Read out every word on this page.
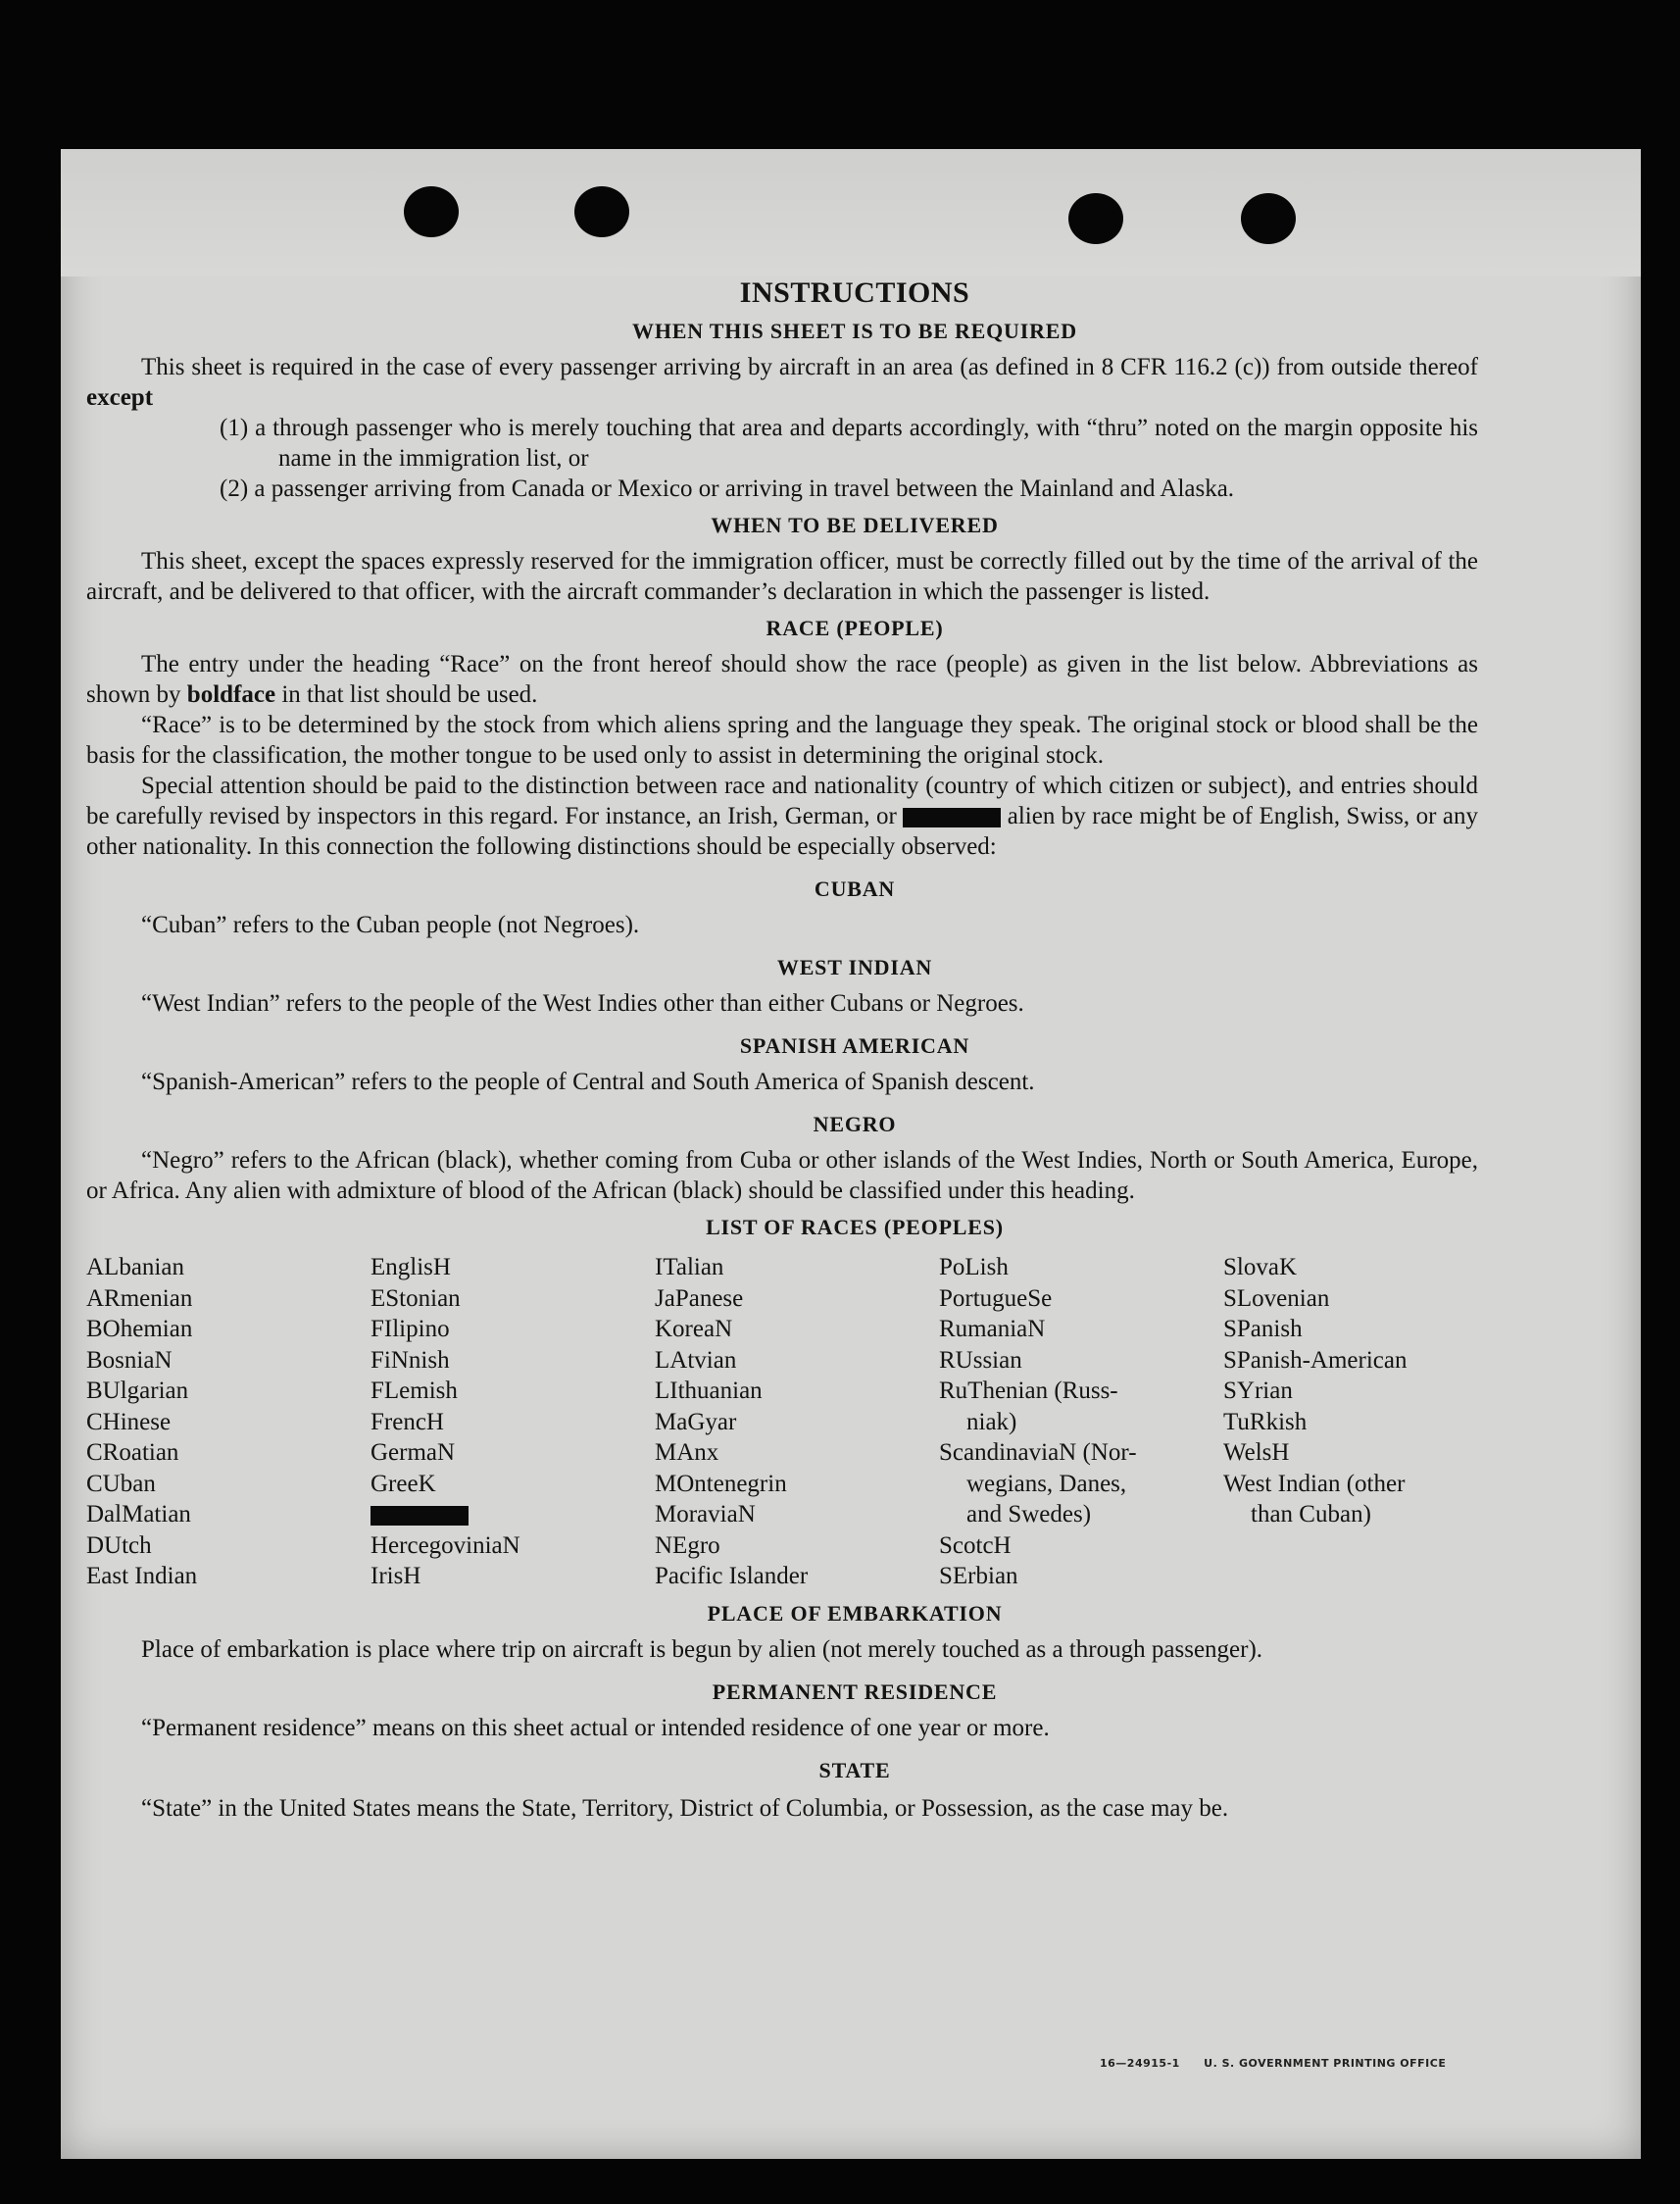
INSTRUCTIONS

WHEN THIS SHEET IS TO BE REQUIRED

This sheet is required in the case of every passenger arriving by aircraft in an area (as defined in 8 CFR 116.2 (c)) from outside thereof except

(1) a through passenger who is merely touching that area and departs accordingly, with “thru” noted on the margin opposite his name in the immigration list, or

(2) a passenger arriving from Canada or Mexico or arriving in travel between the Mainland and Alaska.

WHEN TO BE DELIVERED

This sheet, except the spaces expressly reserved for the immigration officer, must be correctly filled out by the time of the arrival of the aircraft, and be delivered to that officer, with the aircraft commander’s declaration in which the passenger is listed.

RACE (PEOPLE)

The entry under the heading “Race” on the front hereof should show the race (people) as given in the list below. Abbreviations as shown by boldface in that list should be used.

“Race” is to be determined by the stock from which aliens spring and the language they speak. The original stock or blood shall be the basis for the classification, the mother tongue to be used only to assist in determining the original stock.

Special attention should be paid to the distinction between race and nationality (country of which citizen or subject), and entries should be carefully revised by inspectors in this regard. For instance, an Irish, German, or	alien by race might be of English, Swiss, or any other nationality. In this connection the following distinctions should be especially observed:

CUBAN

“Cuban” refers to the Cuban people (not Negroes).

WEST INDIAN

“West Indian” refers to the people of the West Indies other than either Cubans or Negroes.

SPANISH AMERICAN

“Spanish-American” refers to the people of Central and South America of Spanish descent.

NEGRO

“Negro” refers to the African (black), whether coming from Cuba or other islands of the West Indies, North or South America, Europe, or Africa. Any alien with admixture of blood of the African (black) should be classified under this heading.

LIST OF RACES (PEOPLES)

ALbanian
ARmenian
BOhemian
BosniaN
BUlgarian
CHinese
CRoatian
CUban
DalMatian
DUtch
East Indian
EnglisH
EStonian
FIlipino
FiNnish
FLemish
FrencH
GermaN
GreeK
HercegoviniaN
IrisH
ITalian
JaPanese
KoreaN
LAtvian
LIthuanian
MaGyar
MAnx
MOntenegrin
MoraviaN
NEgro
Pacific Islander
PoLish
PortugueSe
RumaniaN
RUssian
RuThenian (Russ-
niak)
ScandinaviaN (Nor-
wegians, Danes,
and Swedes)
ScotcH
SErbian
SlovaK
SLovenian
SPanish
SPanish-American
SYrian
TuRkish
WelsH
West Indian (other
than Cuban)

PLACE OF EMBARKATION

Place of embarkation is place where trip on aircraft is begun by alien (not merely touched as a through passenger).

PERMANENT RESIDENCE

“Permanent residence” means on this sheet actual or intended residence of one year or more.

STATE

“State” in the United States means the State, Territory, District of Columbia, or Possession, as the case may be.

16—24915-1 U. S. GOVERNMENT PRINTING OFFICE
